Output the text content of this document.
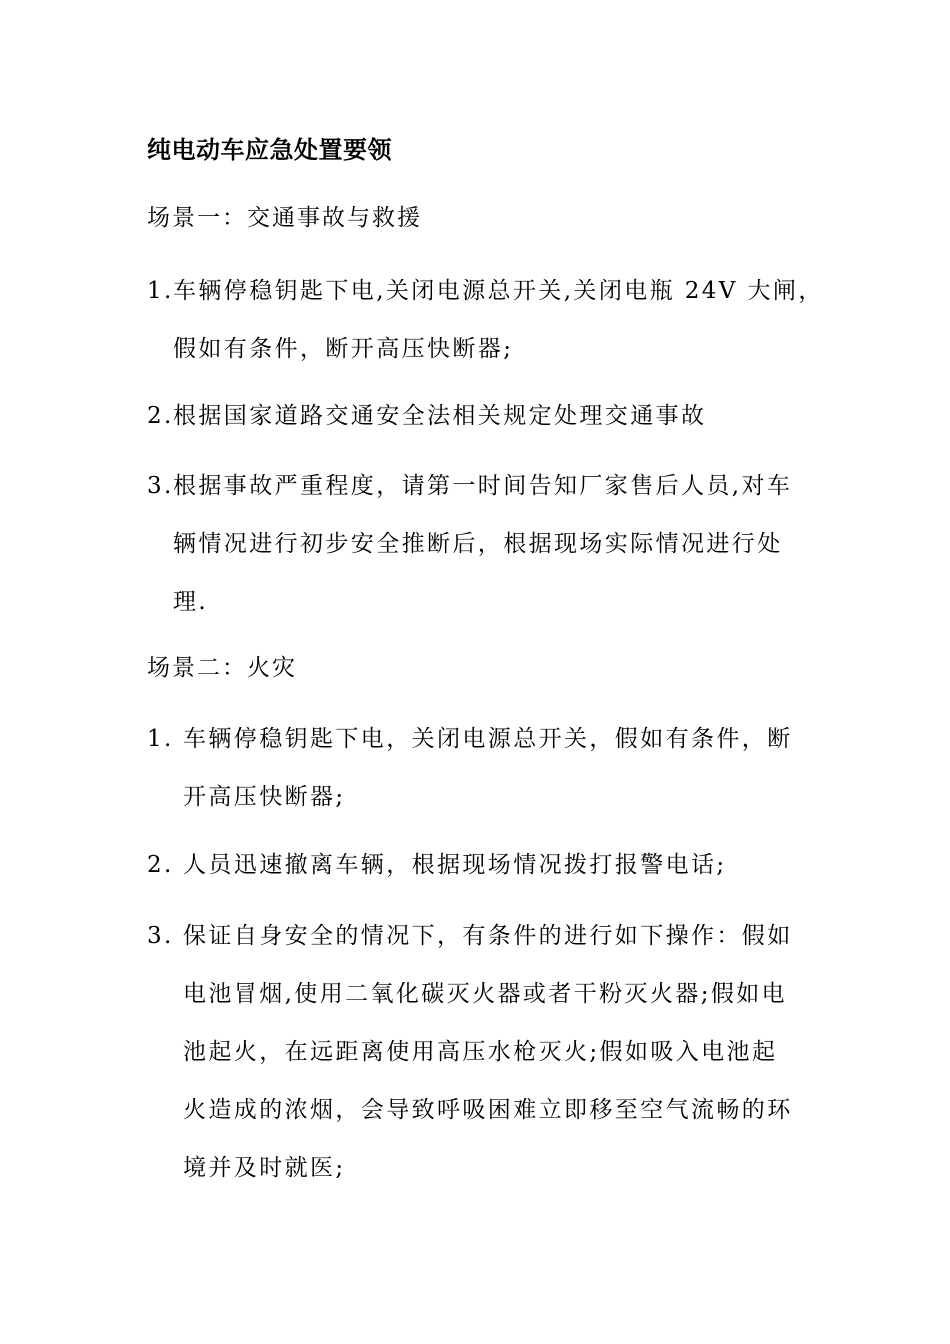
纯电动车应急处置要领
场景一：交通事故与救援
1. 车辆停稳钥匙下电,关闭电源总开关,关闭电瓶 24V 大闸，
假如有条件，断开高压快断器;
2. 根据国家道路交通安全法相关规定处理交通事故
3. 根据事故严重程度，请第一时间告知厂家售后人员,对车
辆情况进行初步安全推断后，根据现场实际情况进行处
理.
场景二：火灾
1. 车辆停稳钥匙下电，关闭电源总开关，假如有条件，断
开高压快断器;
2. 人员迅速撤离车辆，根据现场情况拨打报警电话;
3. 保证自身安全的情况下，有条件的进行如下操作：假如
电池冒烟,使用二氧化碳灭火器或者干粉灭火器;假如电
池起火，在远距离使用高压水枪灭火;假如吸入电池起
火造成的浓烟，会导致呼吸困难立即移至空气流畅的环
境并及时就医;
